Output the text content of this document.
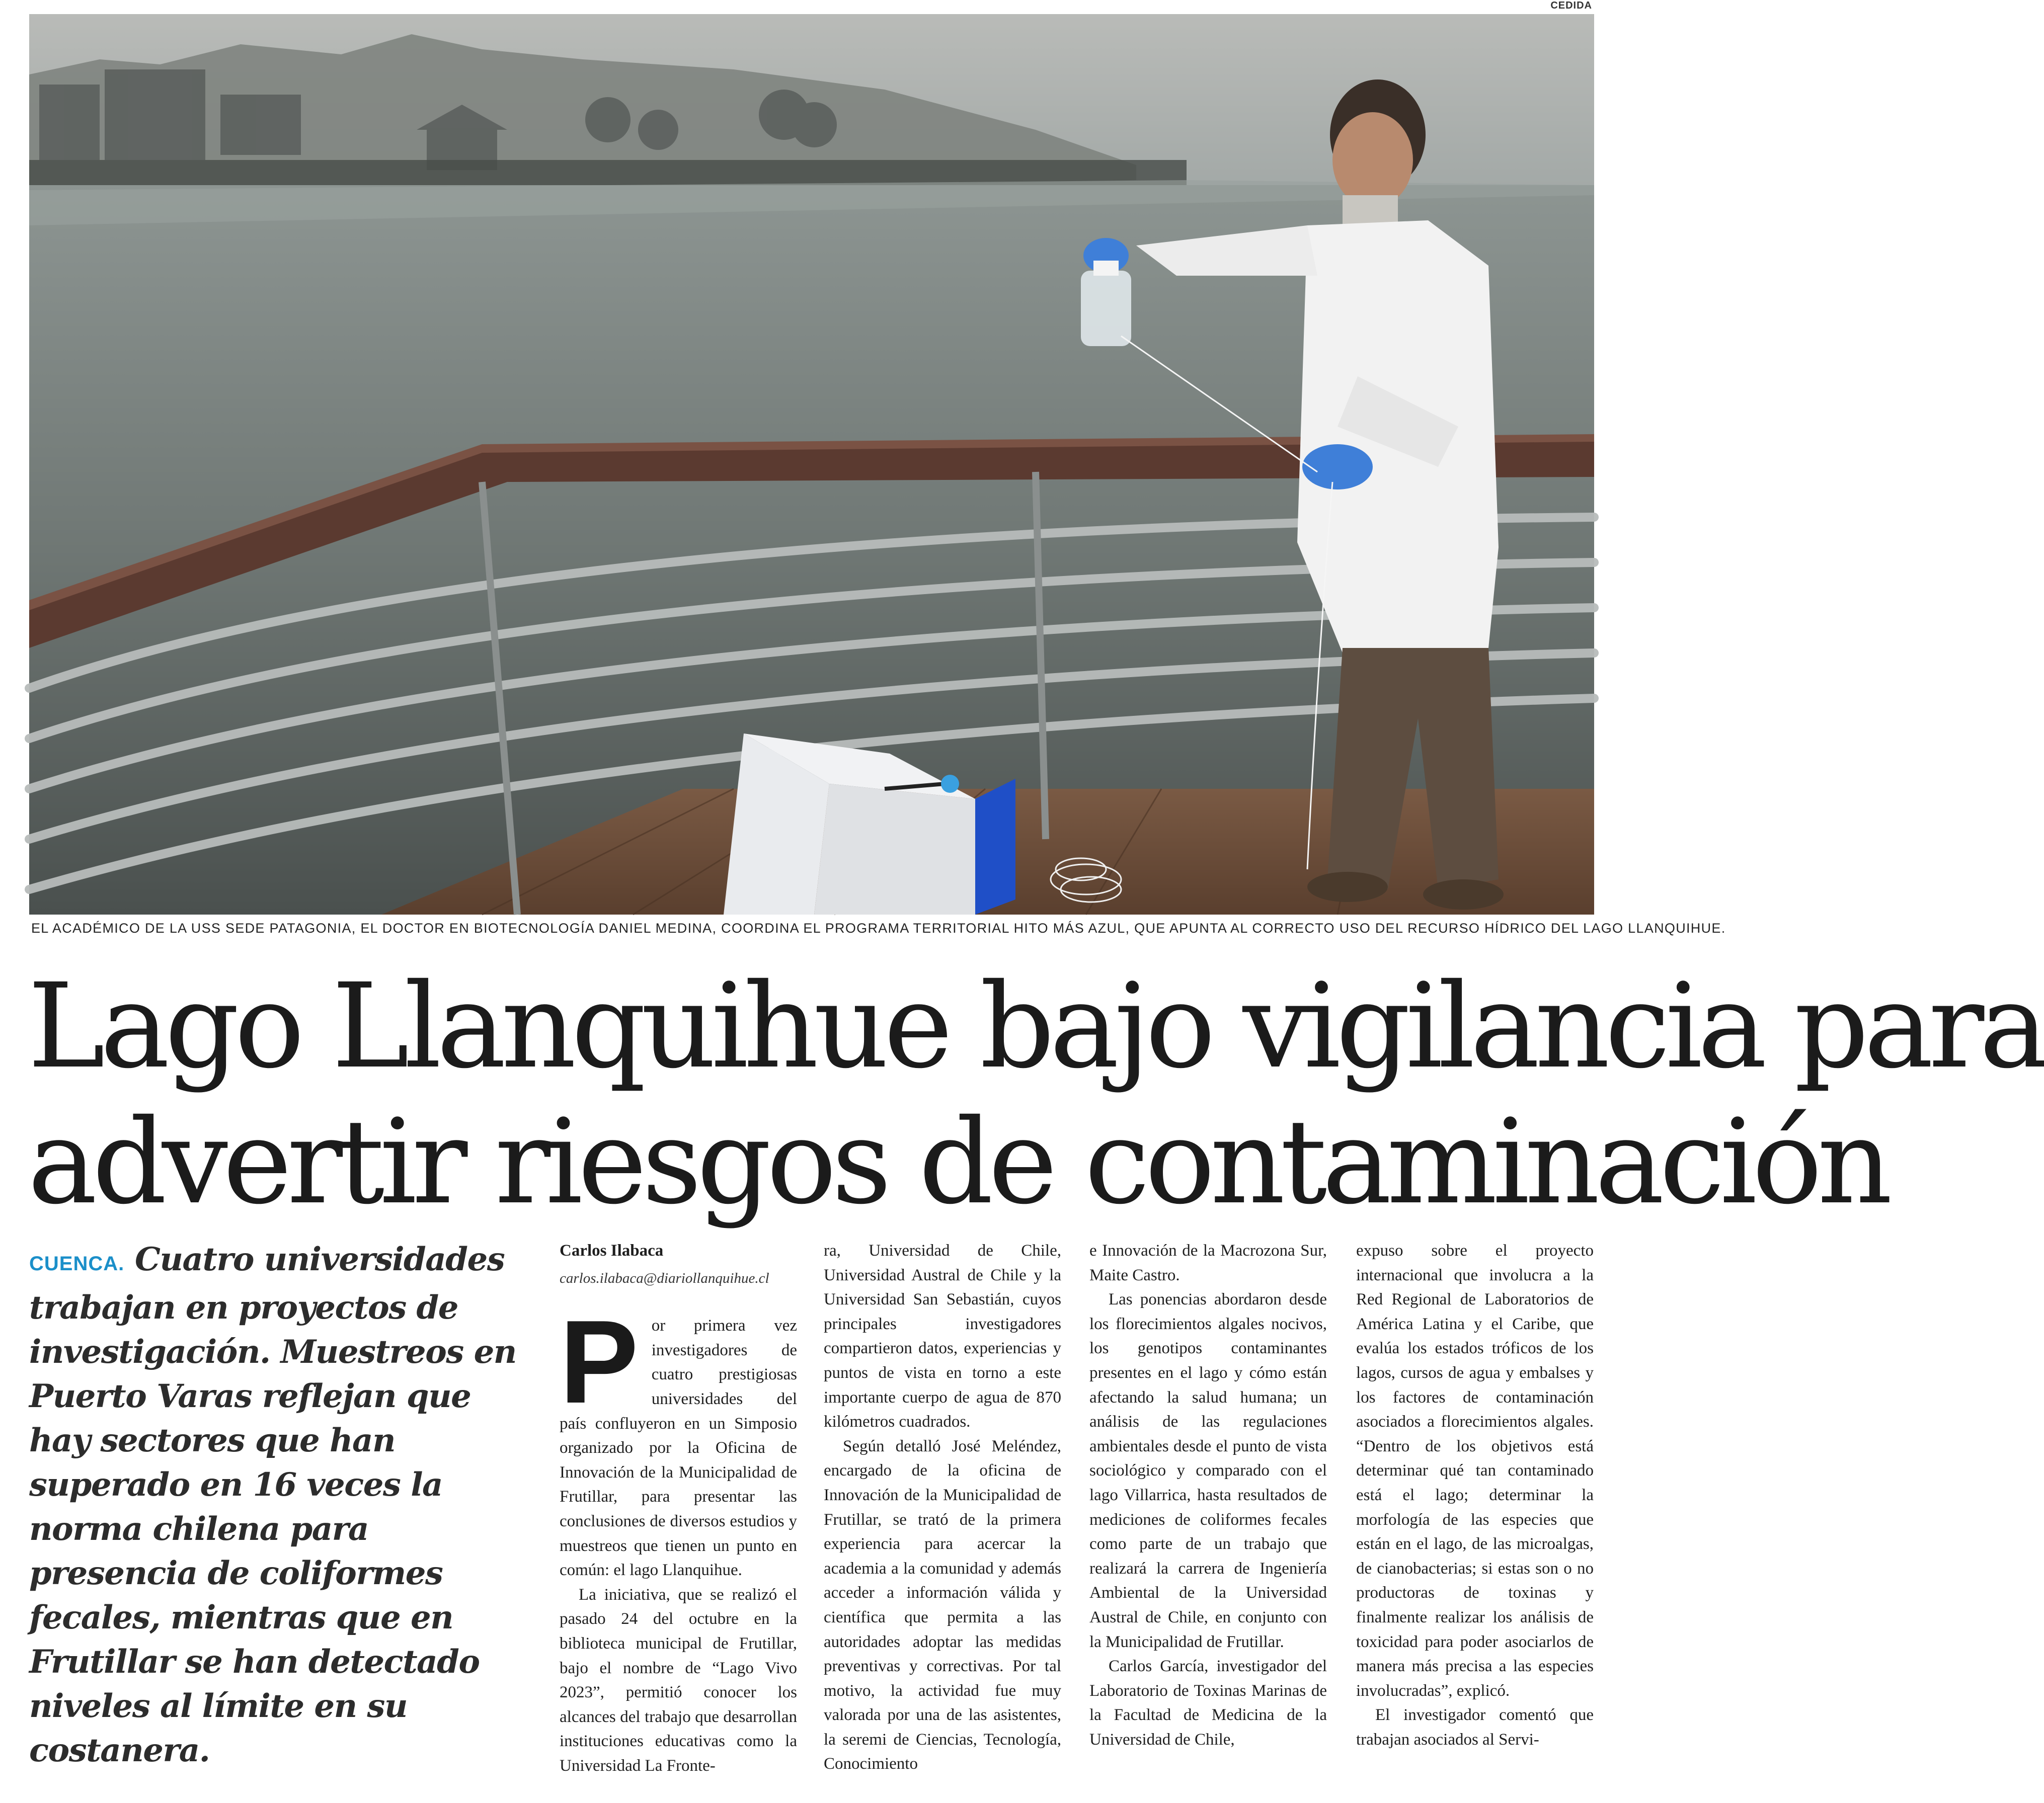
CEDIDA
EL ACADÉMICO DE LA USS SEDE PATAGONIA, EL DOCTOR EN BIOTECNOLOGÍA DANIEL MEDINA, COORDINA EL PROGRAMA TERRITORIAL HITO MÁS AZUL, QUE APUNTA AL CORRECTO USO DEL RECURSO HÍDRICO DEL LAGO LLANQUIHUE.
Lago Llanquihue bajo vigilancia para
advertir riesgos de contaminación

CUENCA. Cuatro universidades trabajan en proyectos de investigación. Muestreos en Puerto Varas reflejan que hay sectores que han superado en 16 veces la norma chilena para presencia de coliformes fecales, mientras que en Frutillar se han detectado niveles al límite en su costanera.

Carlos Ilabaca
carlos.ilabaca@diariollanquihue.cl

Por primera vez investigadores de cuatro prestigiosas universidades del país confluyeron en un Simposio organizado por la Oficina de Innovación de la Municipalidad de Frutillar, para presentar las conclusiones de diversos estudios y muestreos que tienen un punto en común: el lago Llanquihue.

La iniciativa, que se realizó el pasado 24 del octubre en la biblioteca municipal de Frutillar, bajo el nombre de “Lago Vivo 2023”, permitió conocer los alcances del trabajo que desarrollan instituciones educativas como la Universidad La Fronte-

ra, Universidad de Chile, Universidad Austral de Chile y la Universidad San Sebastián, cuyos principales investigadores compartieron datos, experiencias y puntos de vista en torno a este importante cuerpo de agua de 870 kilómetros cuadrados.

Según detalló José Meléndez, encargado de la oficina de Innovación de la Municipalidad de Frutillar, se trató de la primera experiencia para acercar la academia a la comunidad y además acceder a información válida y científica que permita a las autoridades adoptar las medidas preventivas y correctivas. Por tal motivo, la actividad fue muy valorada por una de las asistentes, la seremi de Ciencias, Tecnología, Conocimiento

e Innovación de la Macrozona Sur, Maite Castro.

Las ponencias abordaron desde los florecimientos algales nocivos, los genotipos contaminantes presentes en el lago y cómo están afectando la salud humana; un análisis de las regulaciones ambientales desde el punto de vista sociológico y comparado con el lago Villarrica, hasta resultados de mediciones de coliformes fecales como parte de un trabajo que realizará la carrera de Ingeniería Ambiental de la Universidad Austral de Chile, en conjunto con la Municipalidad de Frutillar.

Carlos García, investigador del Laboratorio de Toxinas Marinas de la Facultad de Medicina de la Universidad de Chile,

expuso sobre el proyecto internacional que involucra a la Red Regional de Laboratorios de América Latina y el Caribe, que evalúa los estados tróficos de los lagos, cursos de agua y embalses y los factores de contaminación asociados a florecimientos algales. “Dentro de los objetivos está determinar qué tan contaminado está el lago; determinar la morfología de las especies que están en el lago, de las microalgas, de cianobacterias; si estas son o no productoras de toxinas y finalmente realizar los análisis de toxicidad para poder asociarlos de manera más precisa a las especies involucradas”, explicó.

El investigador comentó que trabajan asociados al Servi-
